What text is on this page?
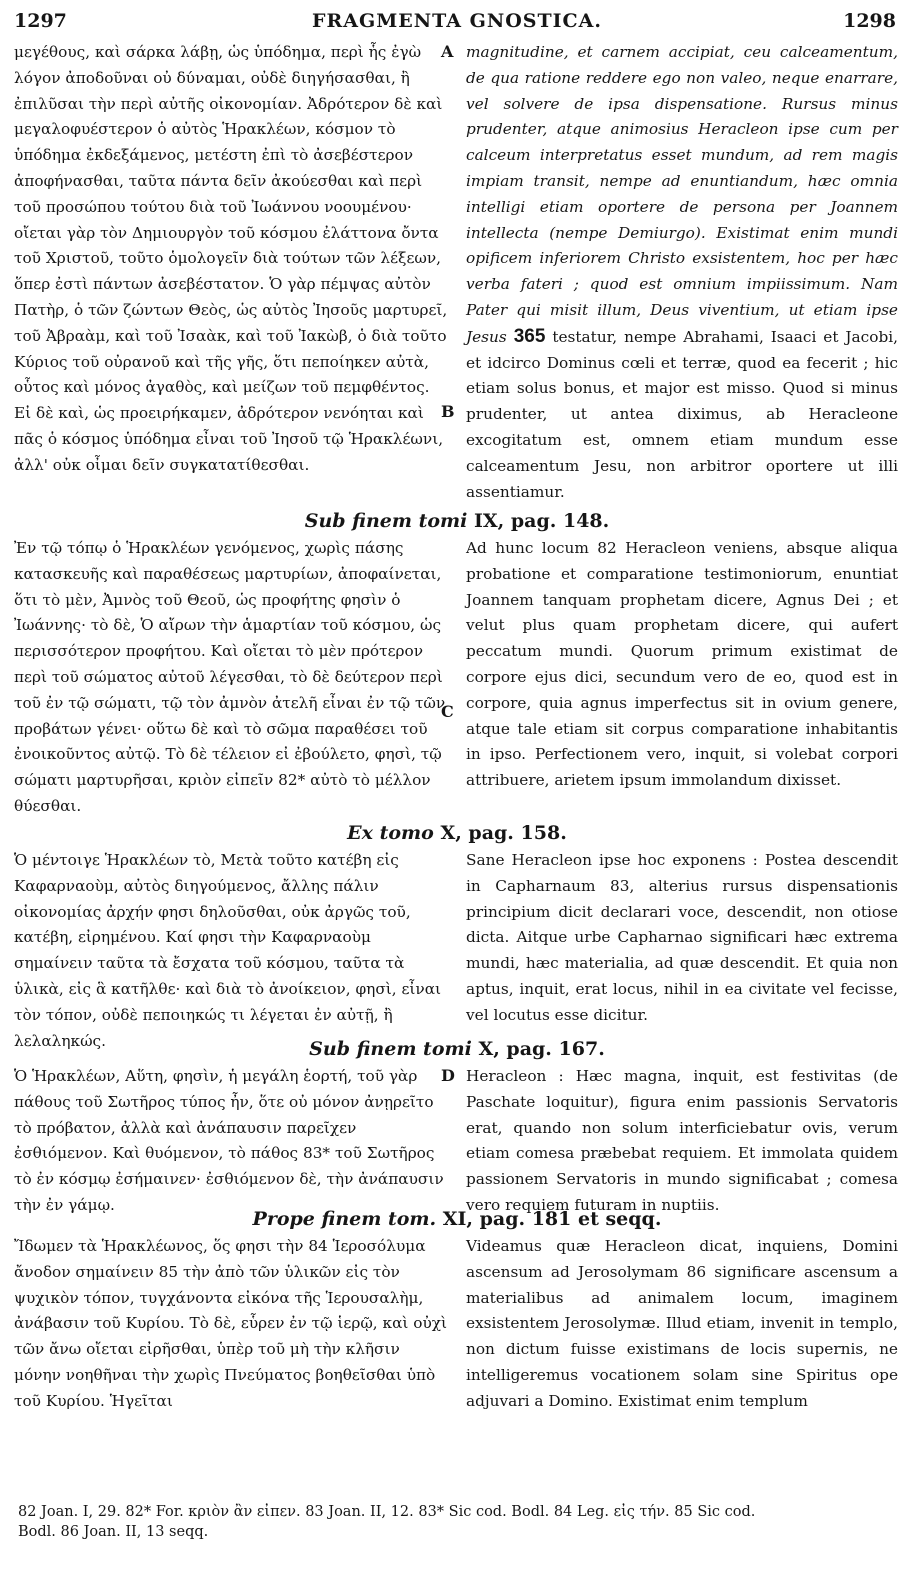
1297	FRAGMENTA GNOSTICA.	1298

μεγέθους, καὶ σάρκα λάβῃ, ὡς ὑπόδημα, περὶ ἧς ἐγὼ λόγον ἀποδοῦναι οὐ δύναμαι, οὐδὲ διηγήσασθαι, ἢ ἐπιλῦσαι τὴν περὶ αὐτῆς οἰκονομίαν. Ἀδρότερον δὲ καὶ μεγαλοφυέστερον ὁ αὐτὸς Ἡρακλέων, κόσμον τὸ ὑπόδημα ἐκδεξάμενος, μετέστη ἐπὶ τὸ ἀσεβέστερον ἀποφήνασθαι, ταῦτα πάντα δεῖν ἀκούεσθαι καὶ περὶ τοῦ προσώπου τούτου διὰ τοῦ Ἰωάννου νοουμένου· οἴεται γὰρ τὸν Δημιουργὸν τοῦ κόσμου ἐλάττονα ὄντα τοῦ Χριστοῦ, τοῦτο ὁμολογεῖν διὰ τούτων τῶν λέξεων, ὅπερ ἐστὶ πάντων ἀσεβέστατον. Ὁ γὰρ πέμψας αὐτὸν Πατὴρ, ὁ τῶν ζώντων Θεὸς, ὡς αὐτὸς Ἰησοῦς μαρτυρεῖ, τοῦ Ἀβραὰμ, καὶ τοῦ Ἰσαὰκ, καὶ τοῦ Ἰακὼβ, ὁ διὰ τοῦτο Κύριος τοῦ οὐρανοῦ καὶ τῆς γῆς, ὅτι πεποίηκεν αὐτὰ, οὗτος καὶ μόνος ἀγαθὸς, καὶ μείζων τοῦ πεμφθέντος. Εἰ δὲ καὶ, ὡς προειρήκαμεν, ἀδρότερον νενόηται καὶ πᾶς ὁ κόσμος ὑπόδημα εἶναι τοῦ Ἰησοῦ τῷ Ἡρακλέωνι, ἀλλ' οὐκ οἶμαι δεῖν συγκατατίθεσθαι.

A magnitudine, et carnem accipiat, ceu calceamentum, de qua ratione reddere ego non valeo, neque enarrare, vel solvere de ipsa dispensatione. Rursus minus prudenter, atque animosius Heracleon ipse cum per calceum interpretatus esset mundum, ad rem magis impiam transit, nempe ad enuntiandum, hæc omnia intelligi etiam oportere de persona per Joannem intellecta (nempe Demiurgo). Existimat enim mundi opificem inferiorem Christo exsistentem, hoc per hæc verba fateri ; quod est omnium impiissimum. Nam Pater qui misit illum, Deus viventium, ut etiam ipse Jesus 365 testatur, nempe Abrahami, Isaaci et Jacobi, et idcirco Dominus cœli et terræ, quod ea fecerit ; hic etiam solus bonus, et major est misso. Quod si minus prudenter, ut antea diximus, ab Heracleone excogitatum est, omnem etiam mundum esse calceamentum Jesu, non arbitror oportere ut illi assentiamur.

B
Sub finem tomi IX, pag. 148.

Ἐν τῷ τόπῳ ὁ Ἡρακλέων γενόμενος, χωρὶς πάσης κατασκευῆς καὶ παραθέσεως μαρτυρίων, ἀποφαίνεται, ὅτι τὸ μὲν, Ἀμνὸς τοῦ Θεοῦ, ὡς προφήτης φησὶν ὁ Ἰωάννης· τὸ δὲ, Ὁ αἴρων τὴν ἁμαρτίαν τοῦ κόσμου, ὡς περισσότερον προφήτου. Καὶ οἴεται τὸ μὲν πρότερον περὶ τοῦ σώματος αὐτοῦ λέγεσθαι, τὸ δὲ δεύτερον περὶ τοῦ ἐν τῷ σώματι, τῷ τὸν ἀμνὸν ἀτελῆ εἶναι ἐν τῷ τῶν προβάτων γένει· οὕτω δὲ καὶ τὸ σῶμα παραθέσει τοῦ ἐνοικοῦντος αὐτῷ. Τὸ δὲ τέλειον εἰ ἐβούλετο, φησὶ, τῷ σώματι μαρτυρῆσαι, κριὸν εἰπεῖν 82* αὐτὸ τὸ μέλλον θύεσθαι.

C

Ad hunc locum 82 Heracleon veniens, absque aliqua probatione et comparatione testimoniorum, enuntiat Joannem tanquam prophetam dicere, Agnus Dei ; et velut plus quam prophetam dicere, qui aufert peccatum mundi. Quorum primum existimat de corpore ejus dici, secundum vero de eo, quod est in corpore, quia agnus imperfectus sit in ovium genere, atque tale etiam sit corpus comparatione inhabitantis in ipso. Perfectionem vero, inquit, si volebat corpori attribuere, arietem ipsum immolandum dixisset.

Ex tomo X, pag. 158.

Ὁ μέντοιγε Ἡρακλέων τὸ, Μετὰ τοῦτο κατέβη εἰς Καφαρναοὺμ, αὐτὸς διηγούμενος, ἄλλης πάλιν οἰκονομίας ἀρχήν φησι δηλοῦσθαι, οὐκ ἀργῶς τοῦ, κατέβη, εἰρημένου. Καί φησι τὴν Καφαρναοὺμ σημαίνειν ταῦτα τὰ ἔσχατα τοῦ κόσμου, ταῦτα τὰ ὑλικὰ, εἰς ἃ κατῆλθε· καὶ διὰ τὸ ἀνοίκειον, φησὶ, εἶναι τὸν τόπον, οὐδὲ πεποιηκώς τι λέγεται ἐν αὐτῇ, ἢ λελαληκώς.

Sane Heracleon ipse hoc exponens : Postea descendit in Capharnaum 83, alterius rursus dispensationis principium dicit declarari voce, descendit, non otiose dicta. Aitque urbe Capharnao significari hæc extrema mundi, hæc materialia, ad quæ descendit. Et quia non aptus, inquit, erat locus, nihil in ea civitate vel fecisse, vel locutus esse dicitur.

Sub finem tomi X, pag. 167.

Ὁ Ἡρακλέων, Αὕτη, φησὶν, ἡ μεγάλη ἑορτή, τοῦ γὰρ πάθους τοῦ Σωτῆρος τύπος ἦν, ὅτε οὐ μόνον ἀνῃρεῖτο τὸ πρόβατον, ἀλλὰ καὶ ἀνάπαυσιν παρεῖχεν ἐσθιόμενον. Καὶ θυόμενον, τὸ πάθος 83* τοῦ Σωτῆρος τὸ ἐν κόσμῳ ἐσήμαινεν· ἐσθιόμενον δὲ, τὴν ἀνάπαυσιν τὴν ἐν γάμῳ.

D Heracleon : Hæc magna, inquit, est festivitas (de Paschate loquitur), figura enim passionis Servatoris erat, quando non solum interficiebatur ovis, verum etiam comesa præbebat requiem. Et immolata quidem passionem Servatoris in mundo significabat ; comesa vero requiem futuram in nuptiis.

Prope finem tom. XI, pag. 181 et seqq.

Ἴδωμεν τὰ Ἡρακλέωνος, ὅς φησι τὴν 84 Ἱεροσόλυμα ἄνοδον σημαίνειν 85 τὴν ἀπὸ τῶν ὑλικῶν εἰς τὸν ψυχικὸν τόπον, τυγχάνοντα εἰκόνα τῆς Ἱερουσαλὴμ, ἀνάβασιν τοῦ Κυρίου. Τὸ δὲ, εὗρεν ἐν τῷ ἱερῷ, καὶ οὐχὶ τῶν ἄνω οἴεται εἰρῆσθαι, ὑπὲρ τοῦ μὴ τὴν κλῆσιν μόνην νοηθῆναι τὴν χωρὶς Πνεύματος βοηθεῖσθαι ὑπὸ τοῦ Κυρίου. Ἡγεῖται

Videamus quæ Heracleon dicat, inquiens, Domini ascensum ad Jerosolymam 86 significare ascensum a materialibus ad animalem locum, imaginem exsistentem Jerosolymæ. Illud etiam, invenit in templo, non dictum fuisse existimans de locis supernis, ne intelligeremus vocationem solam sine Spiritus ope adjuvari a Domino. Existimat enim templum

82 Joan. I, 29. 82* For. κριὸν ἂν εἰπεν. 83 Joan. II, 12. 83* Sic cod. Bodl. 84 Leg. εἰς τήν. 85 Sic cod.
Bodl. 86 Joan. II, 13 seqq.
